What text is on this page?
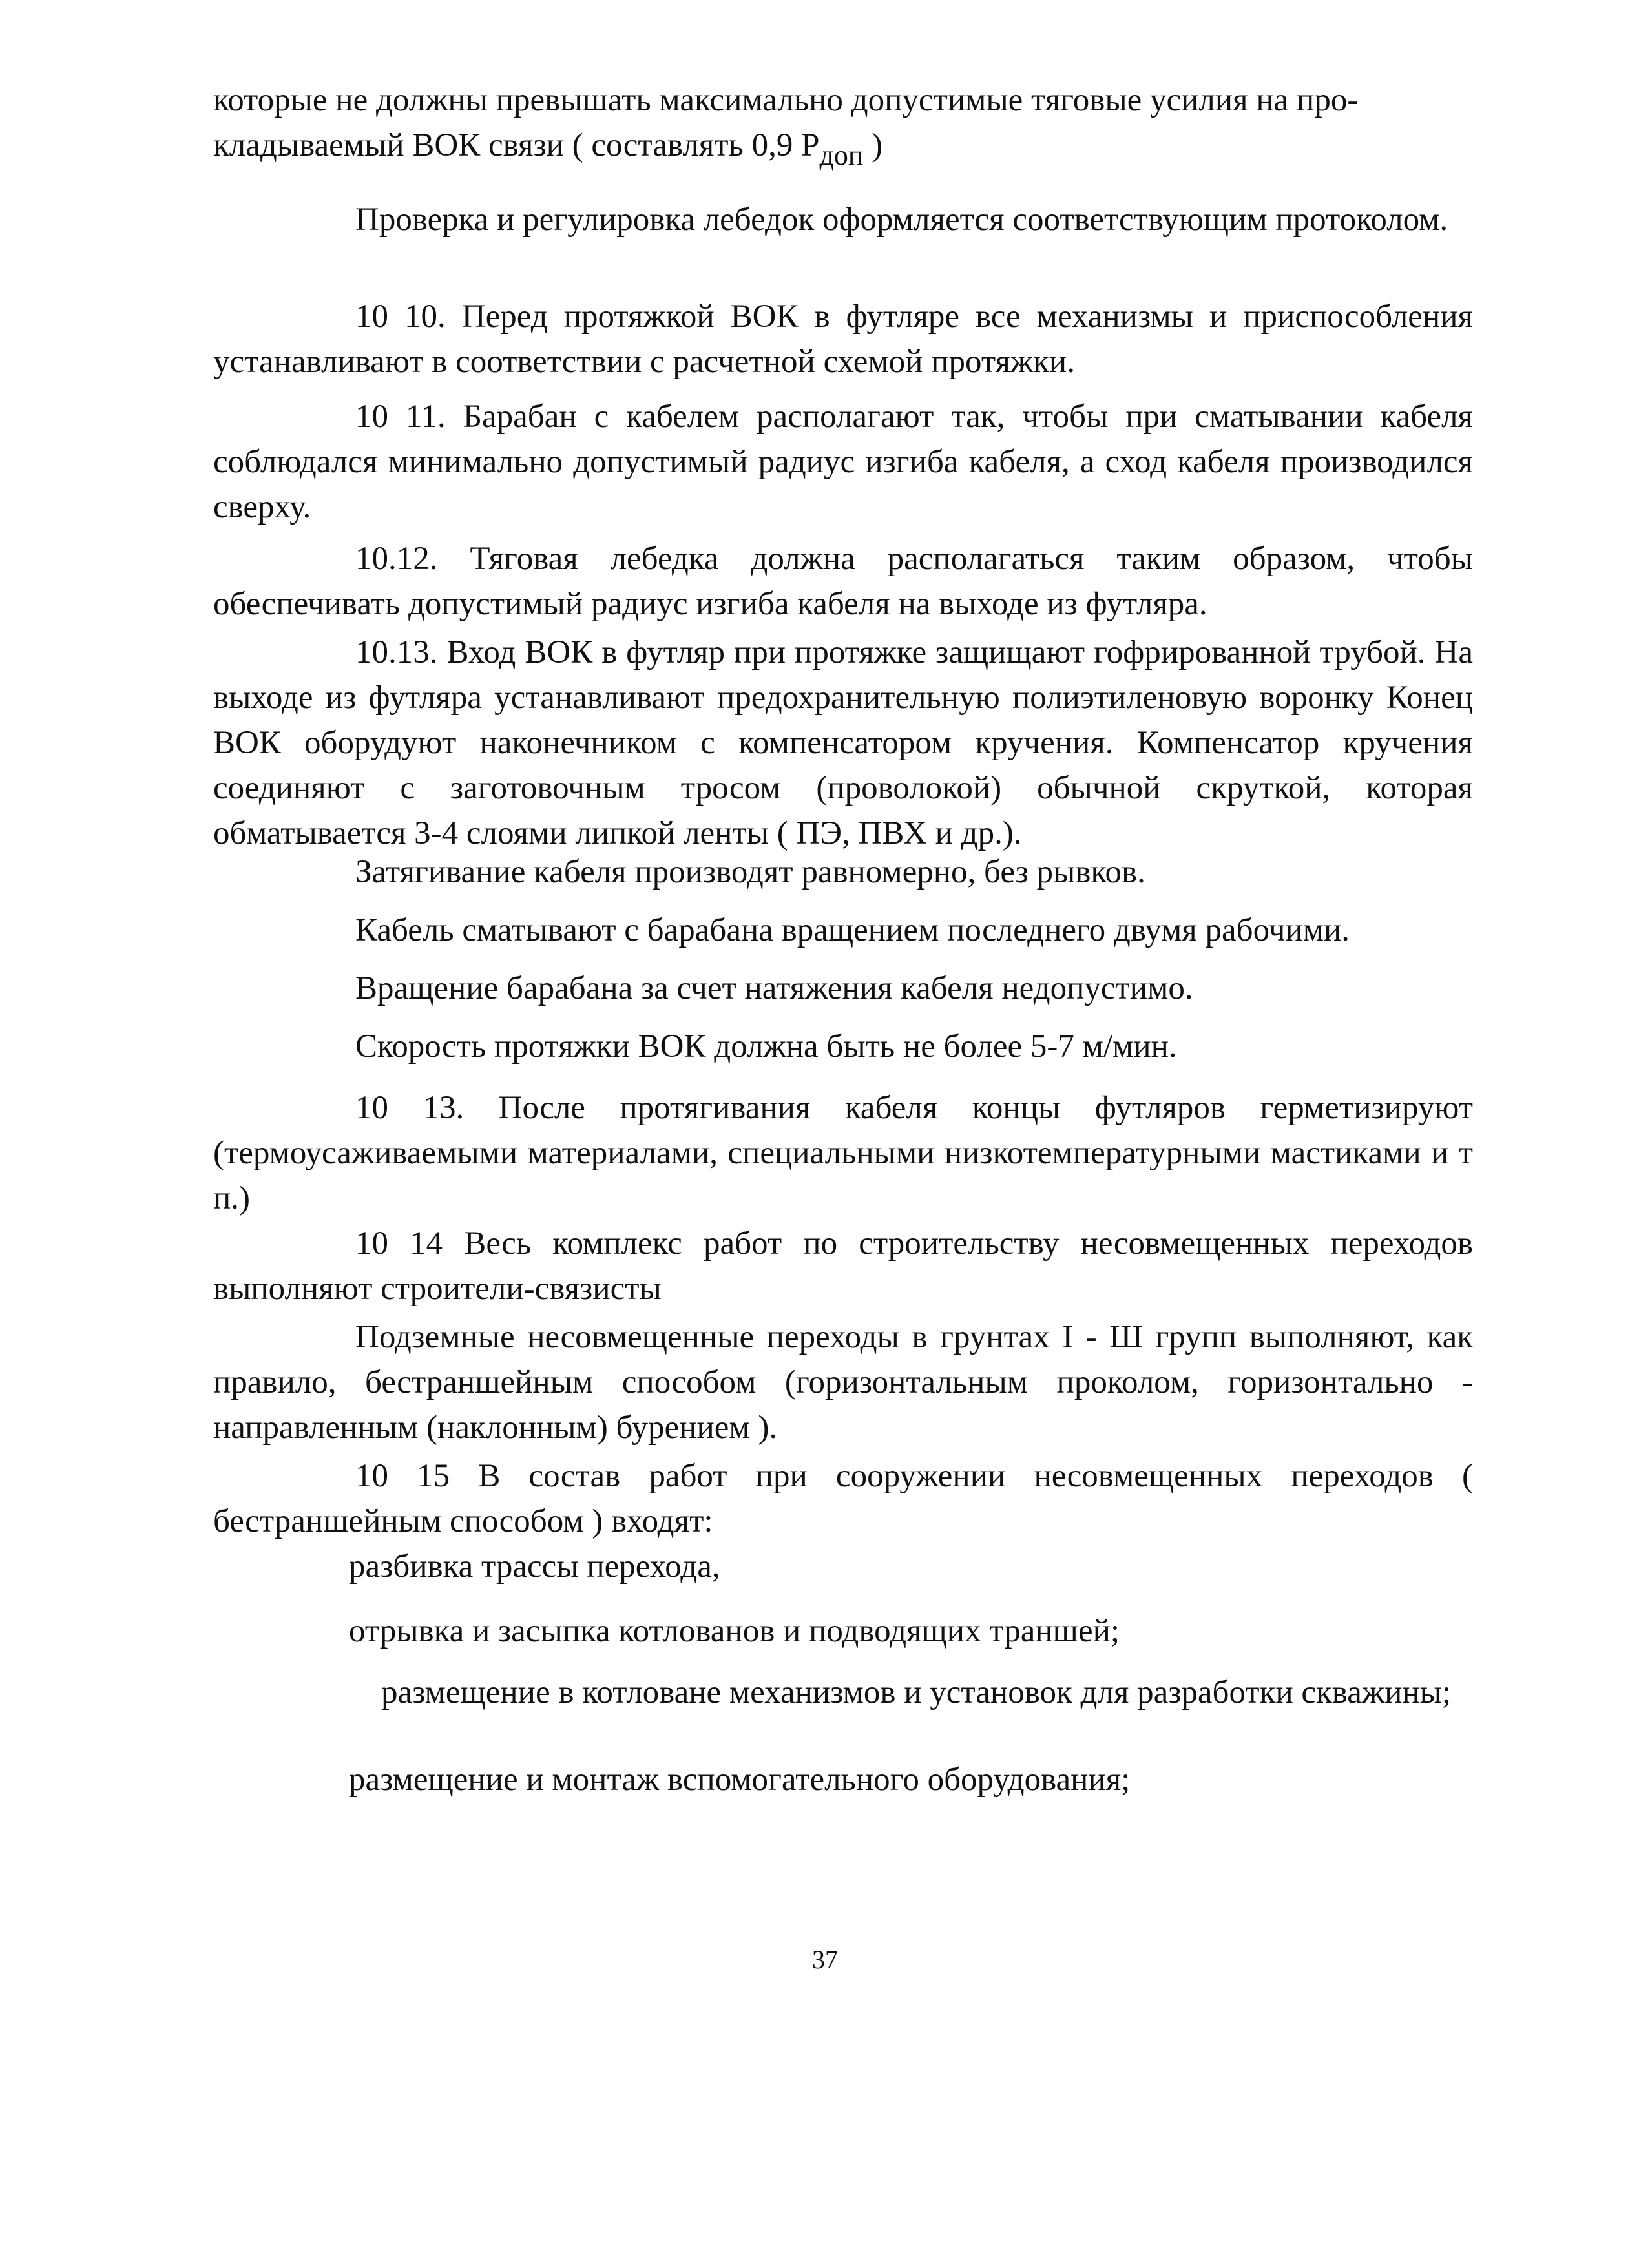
которые не должны превышать максимально допустимые тяговые усилия на про-
кладываемый ВОК связи ( составлять 0,9 Рдоп )

Проверка и регулировка лебедок оформляется соответствующим протоколом.

10 10. Перед протяжкой ВОК в футляре все механизмы и приспособления устанавливают в соответствии с расчетной схемой протяжки.

10 11. Барабан с кабелем располагают так, чтобы при сматывании кабеля соблюдался минимально допустимый радиус изгиба кабеля, а сход кабеля производился сверху.

10.12. Тяговая лебедка должна располагаться таким образом, чтобы обеспечивать допустимый радиус изгиба кабеля на выходе из футляра.

10.13. Вход ВОК в футляр при протяжке защищают гофрированной трубой. На выходе из футляра устанавливают предохранительную полиэтиленовую воронку Конец ВОК оборудуют наконечником с компенсатором кручения. Компенсатор кручения соединяют с заготовочным тросом (проволокой) обычной скруткой, которая обматывается 3-4 слоями липкой ленты ( ПЭ, ПВХ и др.).

Затягивание кабеля производят равномерно, без рывков.

Кабель сматывают с барабана вращением последнего двумя рабочими.

Вращение барабана за счет натяжения кабеля недопустимо.

Скорость протяжки ВОК должна быть не более 5-7 м/мин.

10 13. После протягивания кабеля концы футляров герметизируют (термоусаживаемыми материалами, специальными низкотемпературными мастиками и т п.)

10 14 Весь комплекс работ по строительству несовмещенных переходов выполняют строители-связисты

Подземные несовмещенные переходы в грунтах I - Ш групп выполняют, как правило, бестраншейным способом (горизонтальным проколом, горизонтально - направленным (наклонным) бурением ).

10 15 В состав работ при сооружении несовмещенных переходов ( бестраншейным способом ) входят:

разбивка трассы перехода,

отрывка и засыпка котлованов и подводящих траншей;

размещение в котловане механизмов и установок для разработки скважины;

размещение и монтаж вспомогательного оборудования;

37
